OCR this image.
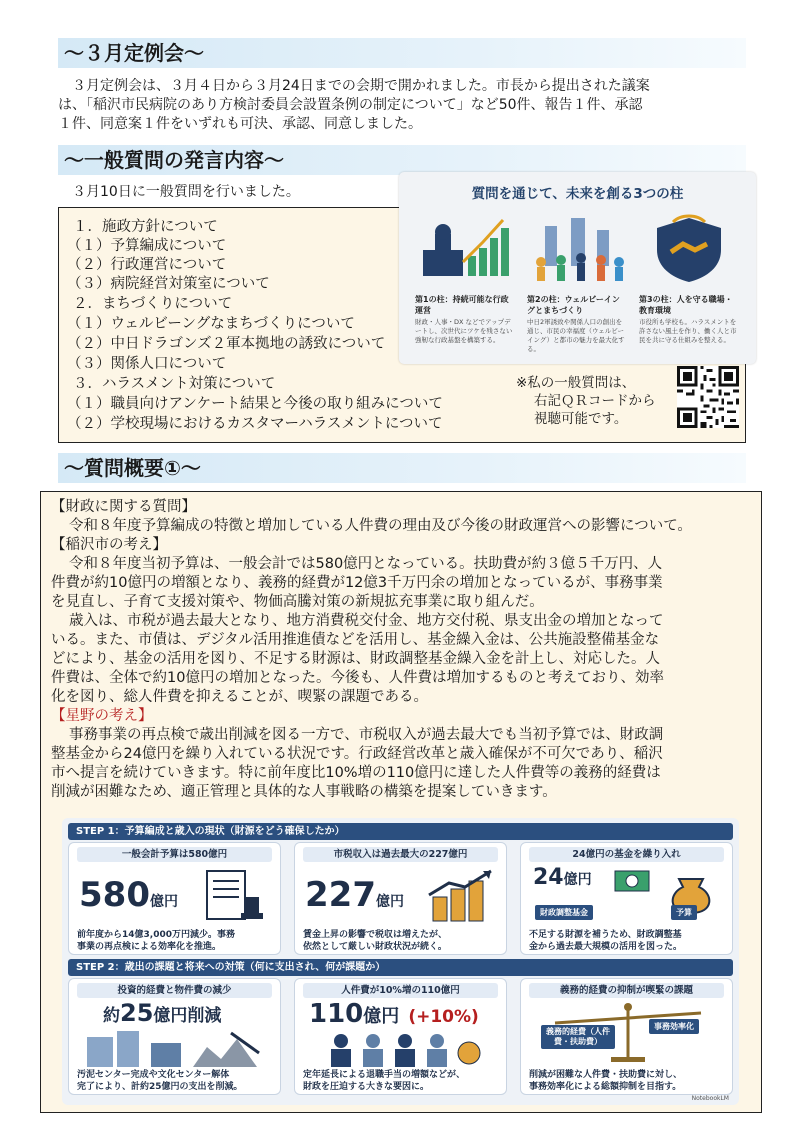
〜３月定例会〜
３月定例会は、３月４日から３月24日までの会期で開かれました。市長から提出された議案
は、「稲沢市民病院のあり方検討委員会設置条例の制定について」など50件、報告１件、承認
１件、同意案１件をいずれも可決、承認、同意しました。
〜一般質問の発言内容〜
３月10日に一般質問を行いました。
１．施政方針について
（１）予算編成について
（２）行政運営について
（３）病院経営対策室について
２．まちづくりについて
（１）ウェルビーングなまちづくりについて
（２）中日ドラゴンズ２軍本拠地の誘致について
（３）関係人口について
３．ハラスメント対策について
（１）職員向けアンケート結果と今後の取り組みについて
（２）学校現場におけるカスタマーハラスメントについて
質問を通じて、未来を創る3つの柱
第1の柱：持続可能な行政運営
財政・人事・DX などでアップデートし、次世代にツケを残さない強靭な行政基盤を構築する。
第2の柱：ウェルビーイングとまちづくり
中日2軍誘致や関係人口の創出を通じ、市民の幸福度（ウェルビーイング）と都市の魅力を最大化する。
第3の柱：人を守る職場・教育環境
市役所も学校も。ハラスメントを許さない風土を作り、働く人と市民を共に守る仕組みを整える。
※私の一般質問は、
右記ＱＲコードから
視聴可能です。
〜質問概要①〜
【財政に関する質問】
令和８年度予算編成の特徴と増加している人件費の理由及び今後の財政運営への影響について。
【稲沢市の考え】
令和８年度当初予算は、一般会計では580億円となっている。扶助費が約３億５千万円、人
件費が約10億円の増額となり、義務的経費が12億3千万円余の増加となっているが、事務事業
を見直し、子育て支援対策や、物価高騰対策の新規拡充事業に取り組んだ。
歳入は、市税が過去最大となり、地方消費税交付金、地方交付税、県支出金の増加となって
いる。また、市債は、デジタル活用推進債などを活用し、基金繰入金は、公共施設整備基金な
どにより、基金の活用を図り、不足する財源は、財政調整基金繰入金を計上し、対応した。人
件費は、全体で約10億円の増加となった。今後も、人件費は増加するものと考えており、効率
化を図り、総人件費を抑えることが、喫緊の課題である。
【星野の考え】
事務事業の再点検で歳出削減を図る一方で、市税収入が過去最大でも当初予算では、財政調
整基金から24億円を繰り入れている状況です。行政経営改革と歳入確保が不可欠であり、稲沢
市へ提言を続けていきます。特に前年度比10%増の110億円に達した人件費等の義務的経費は
削減が困難なため、適正管理と具体的な人事戦略の構築を提案していきます。
STEP 1：予算編成と歳入の現状（財源をどう確保したか）
一般会計予算は580億円
580億円
前年度から14億3,000万円減少。事務
事業の再点検による効率化を推進。
市税収入は過去最大の227億円
227億円
賃金上昇の影響で税収は増えたが、
依然として厳しい財政状況が続く。
24億円の基金を繰り入れ
24億円
財政調整基金	予算
不足する財源を補うため、財政調整基
金から過去最大規模の活用を図った。
STEP 2：歳出の課題と将来への対策（何に支出され、何が課題か）
投資的経費と物件費の減少
約25億円削減
汚泥センター完成や文化センター解体
完了により、計約25億円の支出を削減。
人件費が10%増の110億円
110億円 (+10%)
定年延長による退職手当の増額などが、
財政を圧迫する大きな要因に。
義務的経費の抑制が喫緊の課題
義務的経費（人件費・扶助費）
事務効率化
削減が困難な人件費・扶助費に対し、
事務効率化による総額抑制を目指す。
NotebookLM
